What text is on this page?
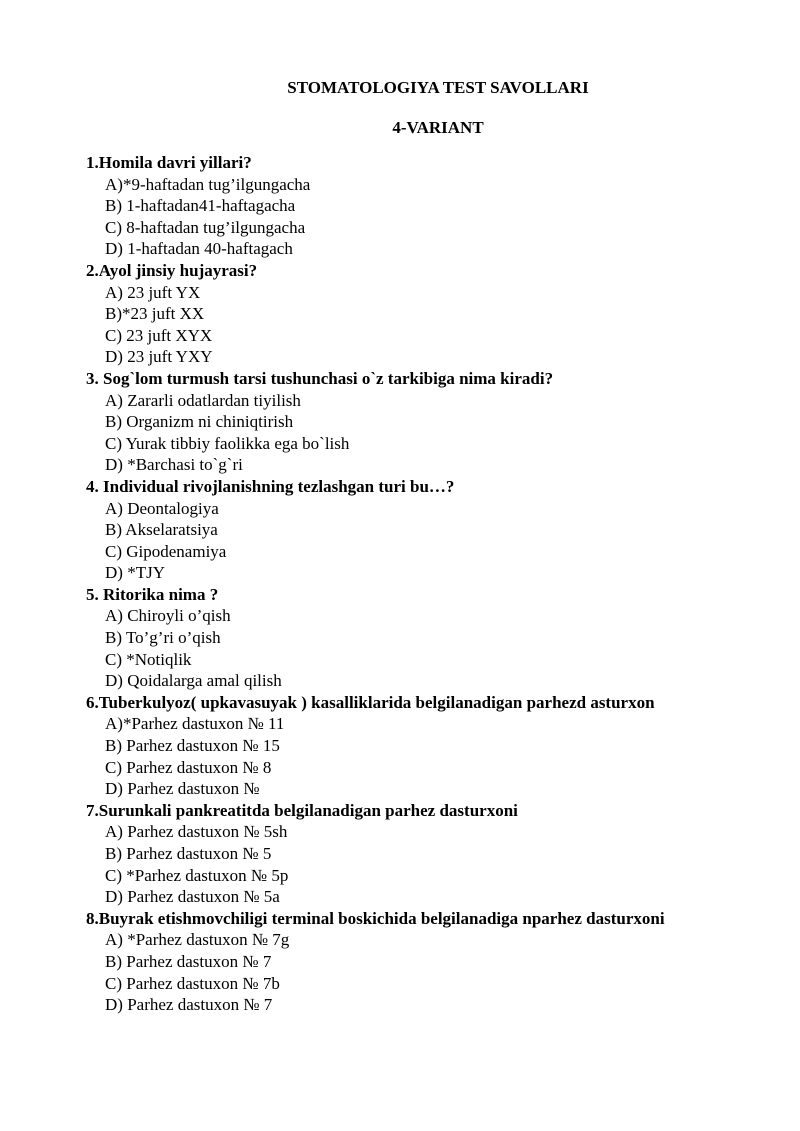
STOMATOLOGIYA TEST SAVOLLARI
4-VARIANT
1.Homila davri yillari?
A)*9-haftadan tug’ilgungacha
B) 1-haftadan41-haftagacha
C) 8-haftadan tug’ilgungacha
D) 1-haftadan 40-haftagach
2.Ayol jinsiy hujayrasi?
A) 23 juft YX
B)*23 juft XX
C) 23 juft XYX
D) 23 juft YXY
3. Sog`lom turmush tarsi tushunchasi o`z tarkibiga nima kiradi?
A) Zararli odatlardan tiyilish
B) Organizm ni chiniqtirish
C) Yurak tibbiy faolikka ega bo`lish
D) *Barchasi to`g`ri
4. Individual rivojlanishning tezlashgan turi bu…?
A) Deontalogiya
B) Akselaratsiya
C) Gipodenamiya
D) *TJY
5. Ritorika nima ?
A) Chiroyli o’qish
B) To’g’ri o’qish
C) *Notiqlik
D) Qoidalarga amal qilish
6.Tuberkulyoz( upkavasuyak ) kasalliklarida belgilanadigan parhezd asturxon
A)*Parhez dastuxon № 11
B) Parhez dastuxon № 15
C) Parhez dastuxon № 8
D) Parhez dastuxon №
7.Surunkali pankreatitda belgilanadigan parhez dasturxoni
A) Parhez dastuxon № 5sh
B) Parhez dastuxon № 5
C) *Parhez dastuxon № 5p
D) Parhez dastuxon № 5a
8.Buyrak etishmovchiligi terminal boskichida belgilanadiga nparhez dasturxoni
A) *Parhez dastuxon № 7g
B) Parhez dastuxon № 7
C) Parhez dastuxon № 7b
D) Parhez dastuxon № 7
